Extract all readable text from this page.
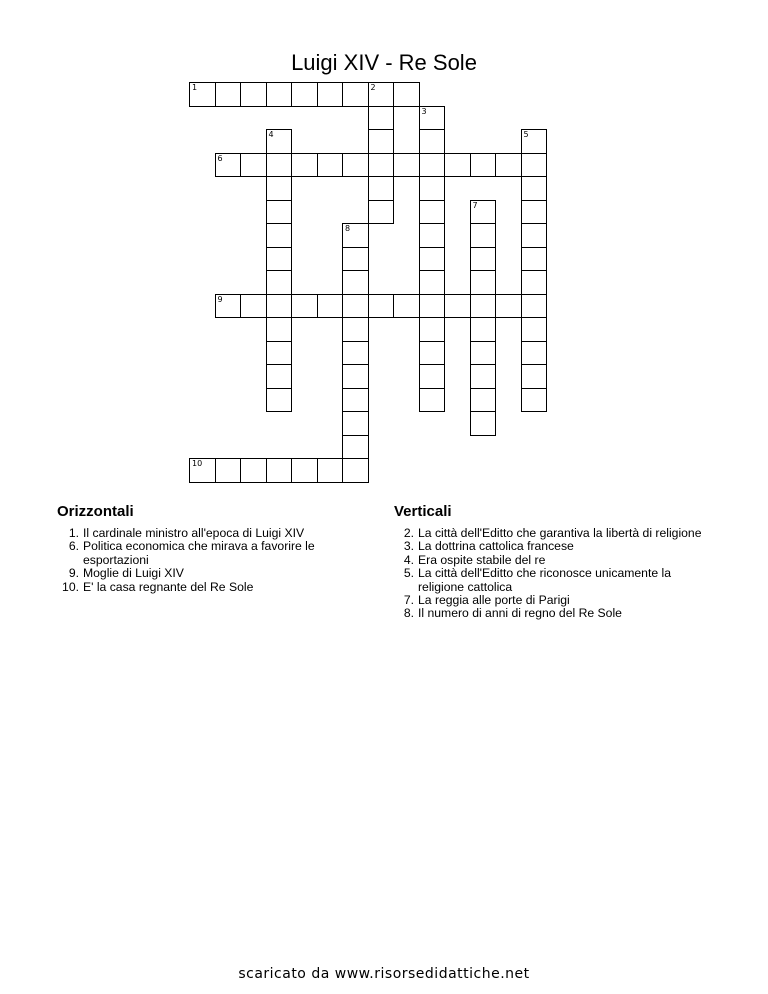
Luigi XIV - Re Sole
1	2
3
4	5
6
7
8
9
10
Orizzontali
1. Il cardinale ministro all'epoca di Luigi XIV
6. Politica economica che mirava a favorire le esportazioni
9. Moglie di Luigi XIV
10. E' la casa regnante del Re Sole
Verticali
2. La città dell'Editto che garantiva la libertà di religione
3. La dottrina cattolica francese
4. Era ospite stabile del re
5. La città dell'Editto che riconosce unicamente la religione cattolica
7. La reggia alle porte di Parigi
8. Il numero di anni di regno del Re Sole
scaricato da www.risorsedidattiche.net
